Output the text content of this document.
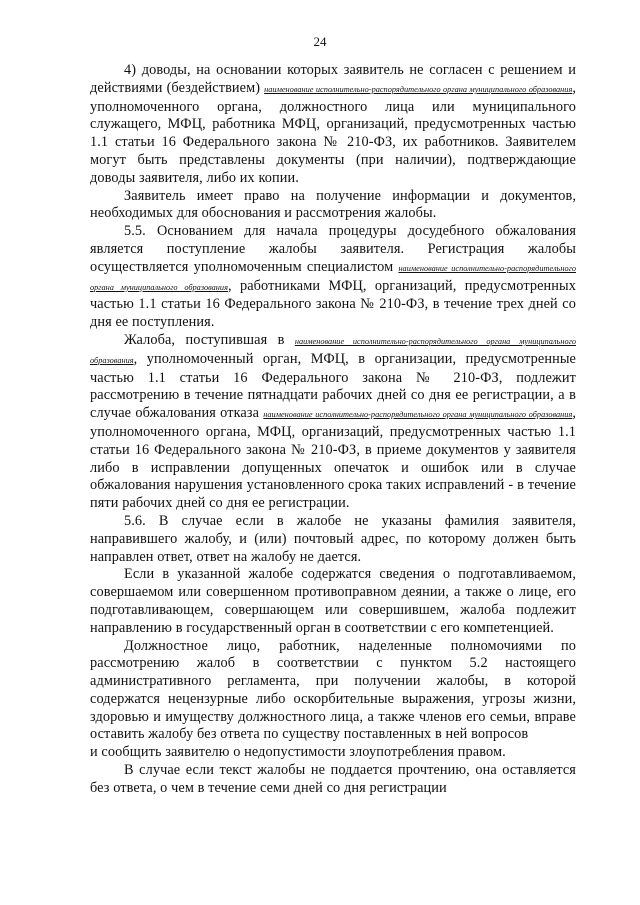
24

4) доводы, на основании которых заявитель не согласен с решением и действиями (бездействием) наименование исполнительно-распорядительного органа муниципального образования, уполномоченного органа, должностного лица или муниципального служащего, МФЦ, работника МФЦ, организаций, предусмотренных частью 1.1 статьи 16 Федерального закона № 210-ФЗ, их работников. Заявителем могут быть представлены документы (при наличии), подтверждающие доводы заявителя, либо их копии.

Заявитель имеет право на получение информации и документов, необходимых для обоснования и рассмотрения жалобы.

5.5. Основанием для начала процедуры досудебного обжалования является поступление жалобы заявителя. Регистрация жалобы осуществляется уполномоченным специалистом наименование исполнительно-распорядительного органа муниципального образования, работниками МФЦ, организаций, предусмотренных частью 1.1 статьи 16 Федерального закона № 210-ФЗ, в течение трех дней со дня ее поступления.

Жалоба, поступившая в наименование исполнительно-распорядительного органа муниципального образования, уполномоченный орган, МФЦ, в организации, предусмотренные частью 1.1 статьи 16 Федерального закона № 210-ФЗ, подлежит рассмотрению в течение пятнадцати рабочих дней со дня ее регистрации, а в случае обжалования отказа наименование исполнительно-распорядительного органа муниципального образования, уполномоченного органа, МФЦ, организаций, предусмотренных частью 1.1 статьи 16 Федерального закона № 210-ФЗ, в приеме документов у заявителя либо в исправлении допущенных опечаток и ошибок или в случае обжалования нарушения установленного срока таких исправлений - в течение пяти рабочих дней со дня ее регистрации.

5.6. В случае если в жалобе не указаны фамилия заявителя, направившего жалобу, и (или) почтовый адрес, по которому должен быть направлен ответ, ответ на жалобу не дается.

Если в указанной жалобе содержатся сведения о подготавливаемом, совершаемом или совершенном противоправном деянии, а также о лице, его подготавливающем, совершающем или совершившем, жалоба подлежит направлению в государственный орган в соответствии с его компетенцией.

Должностное лицо, работник, наделенные полномочиями по рассмотрению жалоб в соответствии с пунктом 5.2 настоящего административного регламента, при получении жалобы, в которой содержатся нецензурные либо оскорбительные выражения, угрозы жизни, здоровью и имуществу должностного лица, а также членов его семьи, вправе оставить жалобу без ответа по существу поставленных в ней вопросов

и сообщить заявителю о недопустимости злоупотребления правом.

В случае если текст жалобы не поддается прочтению, она оставляется без ответа, о чем в течение семи дней со дня регистрации
